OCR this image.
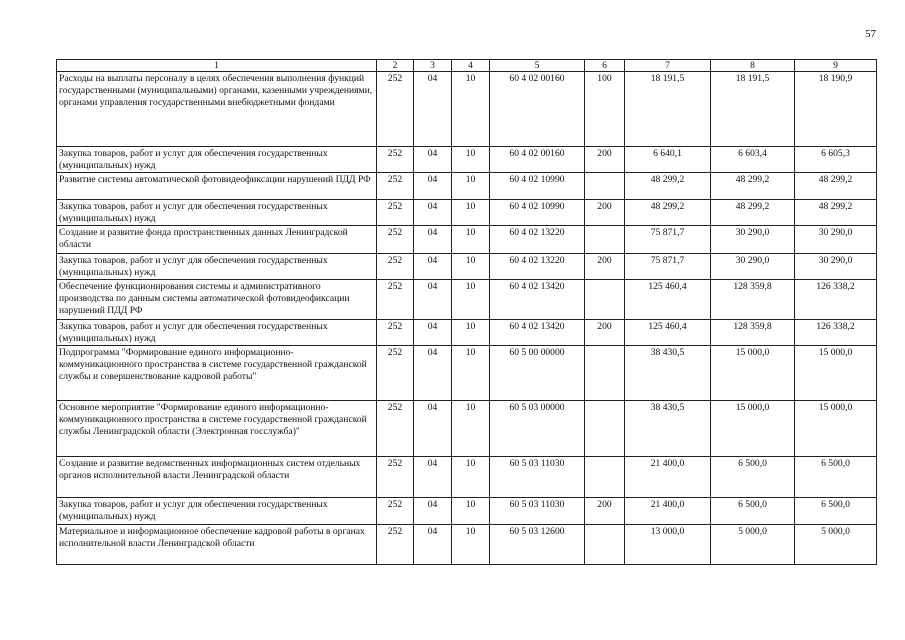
57
1	2	3	4	5	6	7	8	9
Расходы на выплаты персоналу в целях обеспечения выполнения функций государственными (муниципальными) органами, казенными учреждениями, органами управления государственными внебюджетными фондами	252	04	10	60 4 02 00160	100	18 191,5	18 191,5	18 190,9
Закупка товаров, работ и услуг для обеспечения государственных (муниципальных) нужд	252	04	10	60 4 02 00160	200	6 640,1	6 603,4	6 605,3
Развитие системы автоматической фотовидеофиксации нарушений ПДД РФ	252	04	10	60 4 02 10990		48 299,2	48 299,2	48 299,2
Закупка товаров, работ и услуг для обеспечения государственных (муниципальных) нужд	252	04	10	60 4 02 10990	200	48 299,2	48 299,2	48 299,2
Создание и развитие фонда пространственных данных Ленинградской области	252	04	10	60 4 02 13220		75 871,7	30 290,0	30 290,0
Закупка товаров, работ и услуг для обеспечения государственных (муниципальных) нужд	252	04	10	60 4 02 13220	200	75 871,7	30 290,0	30 290,0
Обеспечение функционирования системы и административного производства по данным системы автоматической фотовидеофиксации нарушений ПДД РФ	252	04	10	60 4 02 13420		125 460,4	128 359,8	126 338,2
Закупка товаров, работ и услуг для обеспечения государственных (муниципальных) нужд	252	04	10	60 4 02 13420	200	125 460,4	128 359,8	126 338,2
Подпрограмма "Формирование единого информационно-коммуникационного пространства в системе государственной гражданской службы и совершенствование кадровой работы"	252	04	10	60 5 00 00000		38 430,5	15 000,0	15 000,0
Основное мероприятие "Формирование единого информационно-коммуникационного пространства в системе государственной гражданской службы Ленинградской области (Электронная госслужба)"	252	04	10	60 5 03 00000		38 430,5	15 000,0	15 000,0
Создание и развитие ведомственных информационных систем отдельных органов исполнительной власти Ленинградской области	252	04	10	60 5 03 11030		21 400,0	6 500,0	6 500,0
Закупка товаров, работ и услуг для обеспечения государственных (муниципальных) нужд	252	04	10	60 5 03 11030	200	21 400,0	6 500,0	6 500,0
Материальное и информационное обеспечение кадровой работы в органах исполнительной власти Ленинградской области	252	04	10	60 5 03 12600		13 000,0	5 000,0	5 000,0
